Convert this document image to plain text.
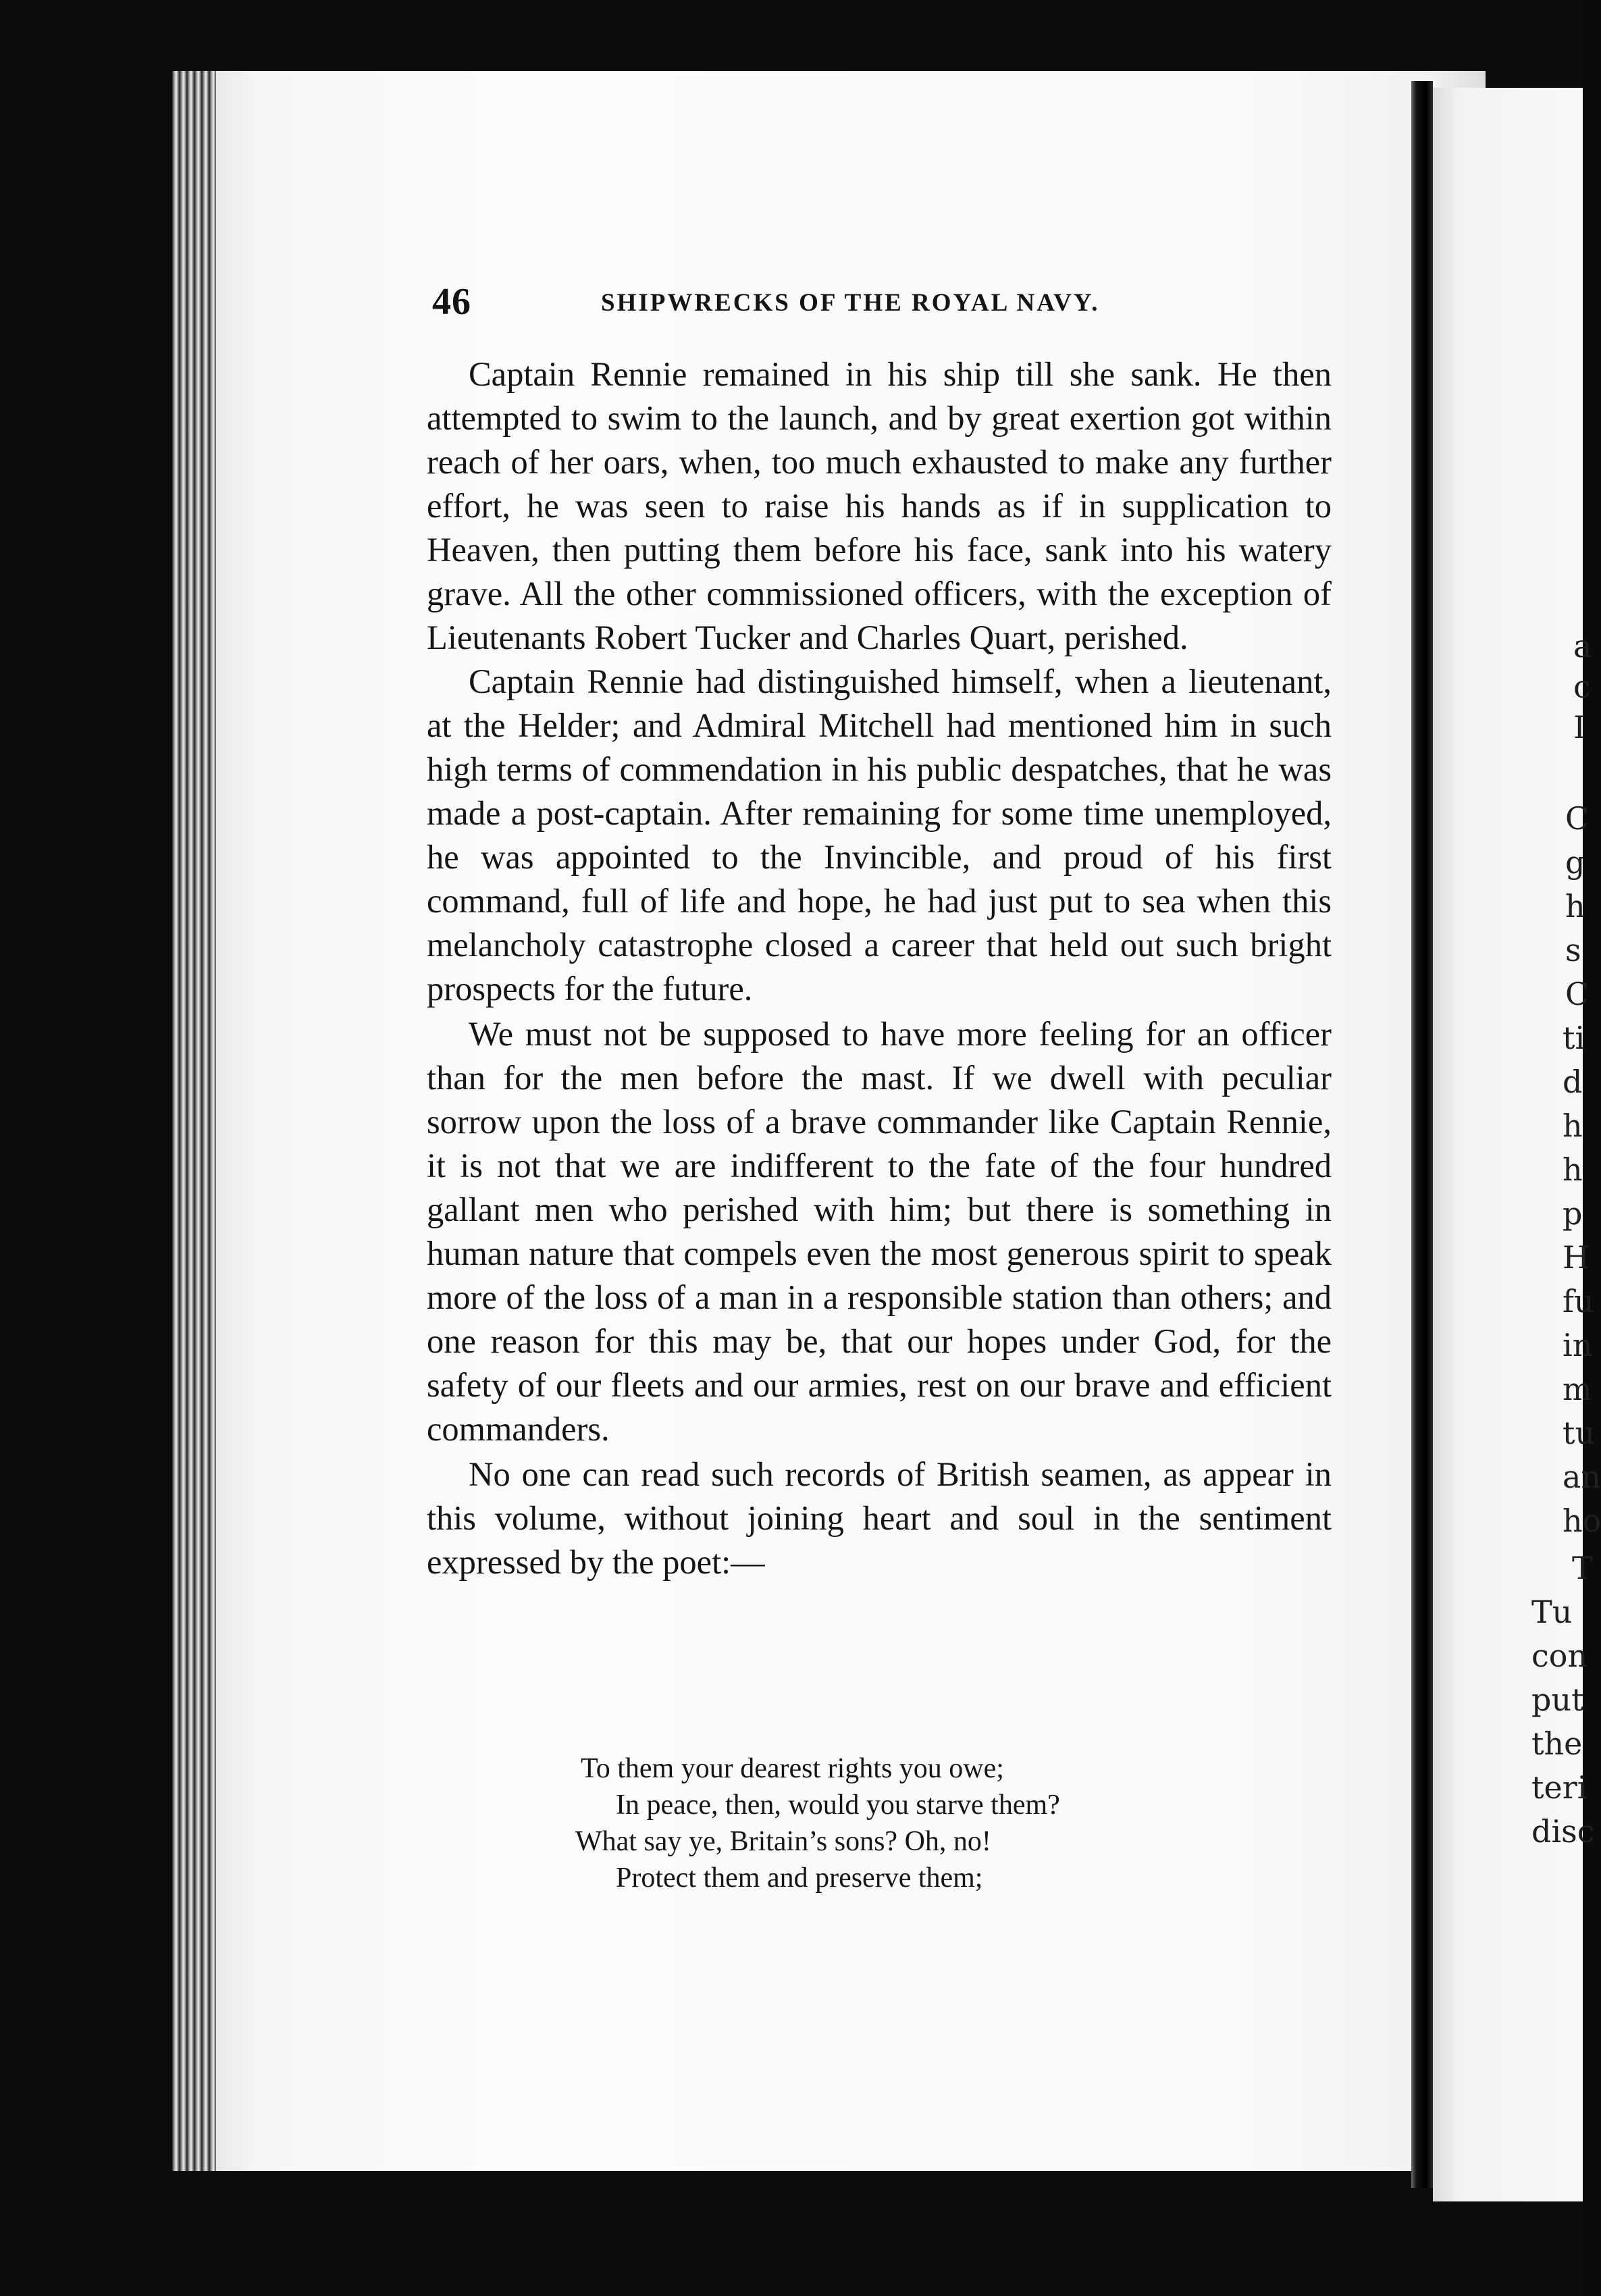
46	SHIPWRECKS OF THE ROYAL NAVY.

Captain Rennie remained in his ship till she sank. He then attempted to swim to the launch, and by great exertion got within reach of her oars, when, too much exhausted to make any further effort, he was seen to raise his hands as if in supplication to Heaven, then putting them before his face, sank into his watery grave. All the other commissioned officers, with the exception of Lieutenants Robert Tucker and Charles Quart, perished.

Captain Rennie had distinguished himself, when a lieutenant, at the Helder; and Admiral Mitchell had mentioned him in such high terms of commendation in his public despatches, that he was made a post-captain. After remaining for some time unemployed, he was appointed to the Invincible, and proud of his first command, full of life and hope, he had just put to sea when this melancholy catastrophe closed a career that held out such bright prospects for the future.

We must not be supposed to have more feeling for an officer than for the men before the mast. If we dwell with peculiar sorrow upon the loss of a brave commander like Captain Rennie, it is not that we are indifferent to the fate of the four hundred gallant men who perished with him; but there is something in human nature that compels even the most generous spirit to speak more of the loss of a man in a responsible station than others; and one reason for this may be, that our hopes under God, for the safety of our fleets and our armies, rest on our brave and efficient commanders.

No one can read such records of British seamen, as appear in this volume, without joining heart and soul in the sentiment expressed by the poet:—

To them your dearest rights you owe;
In peace, then, would you starve them?
What say ye, Britain’s sons? Oh, no!
Protect them and preserve them;
a
c
I
C
g
h
s
C
ti
d
h
h
p
H
fu
in
m
tu
an
ho
T
Tu
con
put
the
teri
disc
